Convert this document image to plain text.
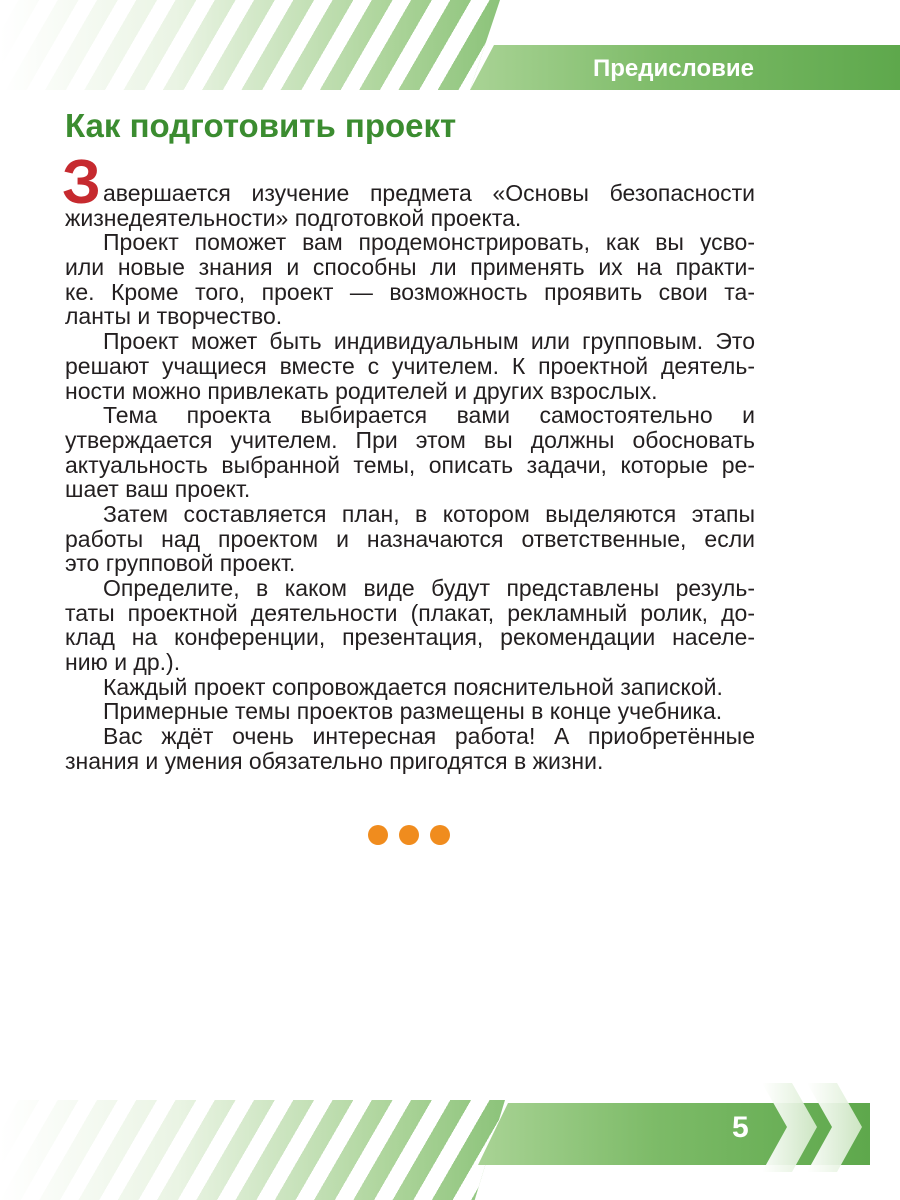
Предисловие
Как подготовить проект
З авершается изучение предмета «Основы безопасности
жизнедеятельности» подготовкой проекта.
Проект поможет вам продемонстрировать, как вы усво-
или новые знания и способны ли применять их на практи-
ке. Кроме того, проект — возможность проявить свои та-
ланты и творчество.
Проект может быть индивидуальным или групповым. Это
решают учащиеся вместе с учителем. К проектной деятель-
ности можно привлекать родителей и других взрослых.
Тема проекта выбирается вами самостоятельно и
утверждается учителем. При этом вы должны обосновать
актуальность выбранной темы, описать задачи, которые ре-
шает ваш проект.
Затем составляется план, в котором выделяются этапы
работы над проектом и назначаются ответственные, если
это групповой проект.
Определите, в каком виде будут представлены резуль-
таты проектной деятельности (плакат, рекламный ролик, до-
клад на конференции, презентация, рекомендации населе-
нию и др.).
Каждый проект сопровождается пояснительной запиской.
Примерные темы проектов размещены в конце учебника.
Вас ждёт очень интересная работа! А приобретённые
знания и умения обязательно пригодятся в жизни.
5
